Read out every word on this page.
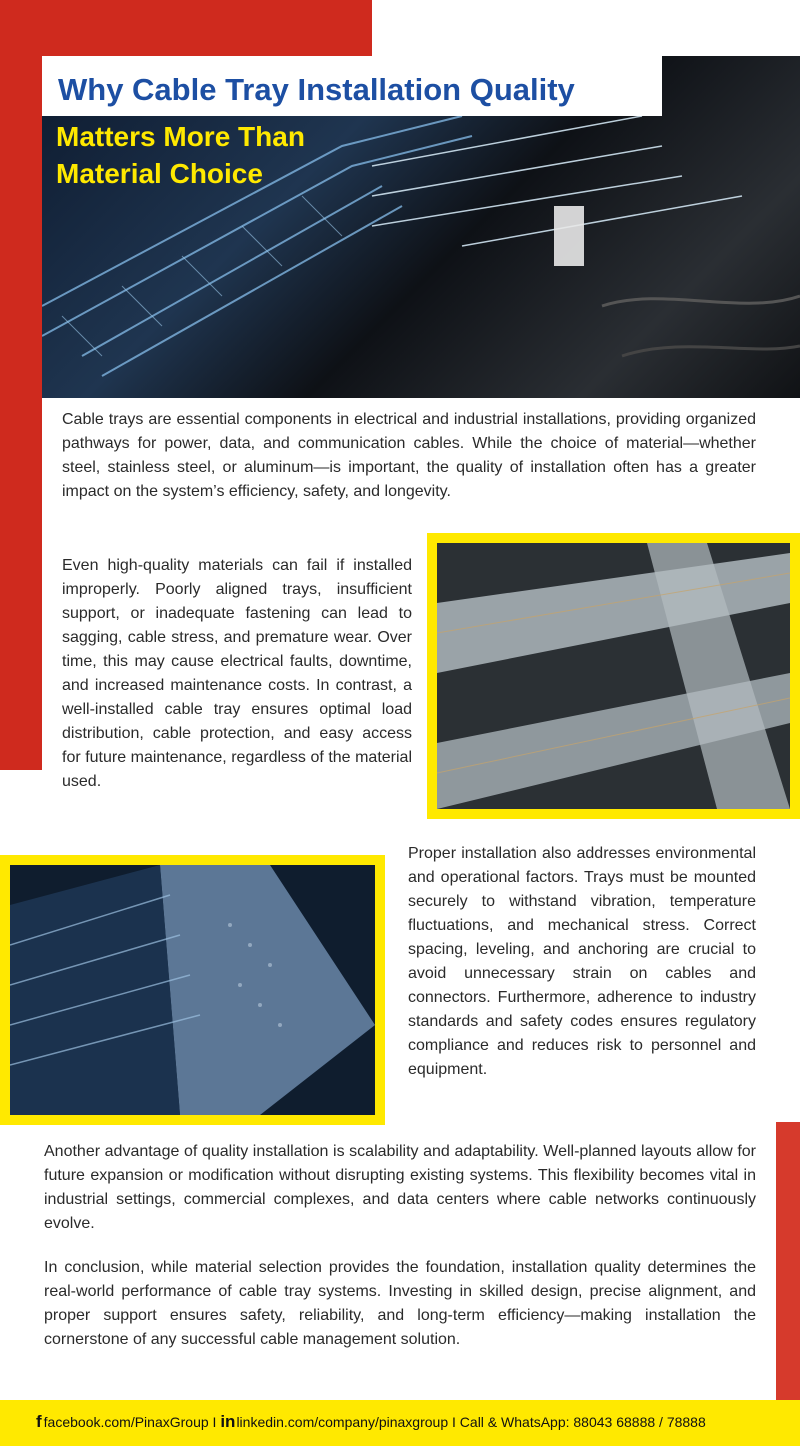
Why Cable Tray Installation Quality
Matters More Than Material Choice
Cable trays are essential components in electrical and industrial installations, providing organized pathways for power, data, and communication cables. While the choice of material—whether steel, stainless steel, or aluminum—is important, the quality of installation often has a greater impact on the system’s efficiency, safety, and longevity.
Even high-quality materials can fail if installed improperly. Poorly aligned trays, insufficient support, or inadequate fastening can lead to sagging, cable stress, and premature wear. Over time, this may cause electrical faults, downtime, and increased maintenance costs. In contrast, a well-installed cable tray ensures optimal load distribution, cable protection, and easy access for future maintenance, regardless of the material used.
Proper installation also addresses environmental and operational factors. Trays must be mounted securely to withstand vibration, temperature fluctuations, and mechanical stress. Correct spacing, leveling, and anchoring are crucial to avoid unnecessary strain on cables and connectors. Furthermore, adherence to industry standards and safety codes ensures regulatory compliance and reduces risk to personnel and equipment.
Another advantage of quality installation is scalability and adaptability. Well-planned layouts allow for future expansion or modification without disrupting existing systems. This flexibility becomes vital in industrial settings, commercial complexes, and data centers where cable networks continuously evolve.
In conclusion, while material selection provides the foundation, installation quality determines the real-world performance of cable tray systems. Investing in skilled design, precise alignment, and proper support ensures safety, reliability, and long-term efficiency—making installation the cornerstone of any successful cable management solution.
f facebook.com/PinaxGroup I inlinkedin.com/company/pinaxgroup I Call & WhatsApp: 88043 68888 / 78888
